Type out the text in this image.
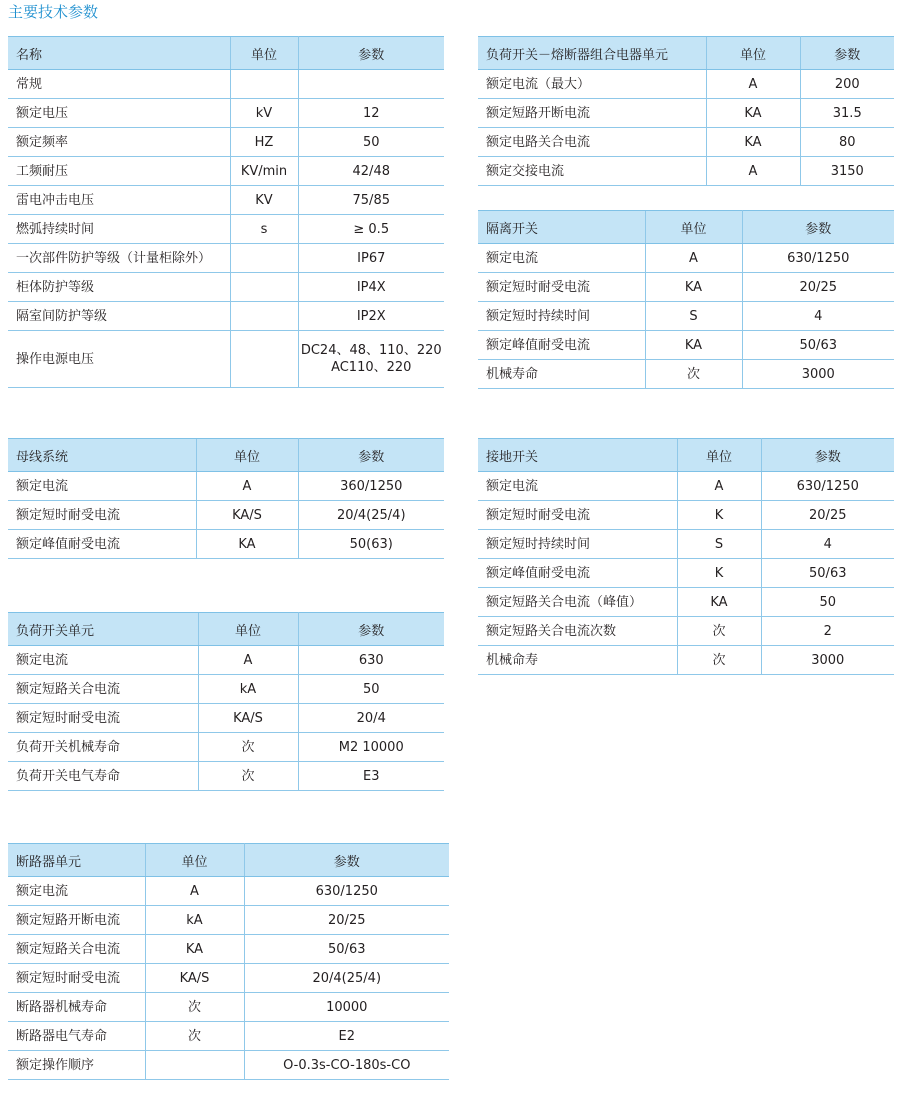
主要技术参数
名称	单位	参数
常规		
额定电压	kV	12
额定频率	HZ	50
工频耐压	KV/min	42/48
雷电冲击电压	KV	75/85
燃弧持续时间	s	≥ 0.5
一次部件防护等级（计量柜除外）		IP67
柜体防护等级		IP4X
隔室间防护等级		IP2X
操作电源电压		DC24、48、110、220
AC110、220
母线系统	单位	参数
额定电流	A	360/1250
额定短时耐受电流	KA/S	20/4(25/4)
额定峰值耐受电流	KA	50(63)
负荷开关单元	单位	参数
额定电流	A	630
额定短路关合电流	kA	50
额定短时耐受电流	KA/S	20/4
负荷开关机械寿命	次	M2 10000
负荷开关电气寿命	次	E3
断路器单元	单位	参数
额定电流	A	630/1250
额定短路开断电流	kA	20/25
额定短路关合电流	KA	50/63
额定短时耐受电流	KA/S	20/4(25/4)
断路器机械寿命	次	10000
断路器电气寿命	次	E2
额定操作顺序		O-0.3s-CO-180s-CO
负荷开关－熔断器组合电器单元	单位	参数
额定电流（最大）	A	200
额定短路开断电流	KA	31.5
额定电路关合电流	KA	80
额定交接电流	A	3150
隔离开关	单位	参数
额定电流	A	630/1250
额定短时耐受电流	KA	20/25
额定短时持续时间	S	4
额定峰值耐受电流	KA	50/63
机械寿命	次	3000
接地开关	单位	参数
额定电流	A	630/1250
额定短时耐受电流	K	20/25
额定短时持续时间	S	4
额定峰值耐受电流	K	50/63
额定短路关合电流（峰值）	KA	50
额定短路关合电流次数	次	2
机械命寿	次	3000
